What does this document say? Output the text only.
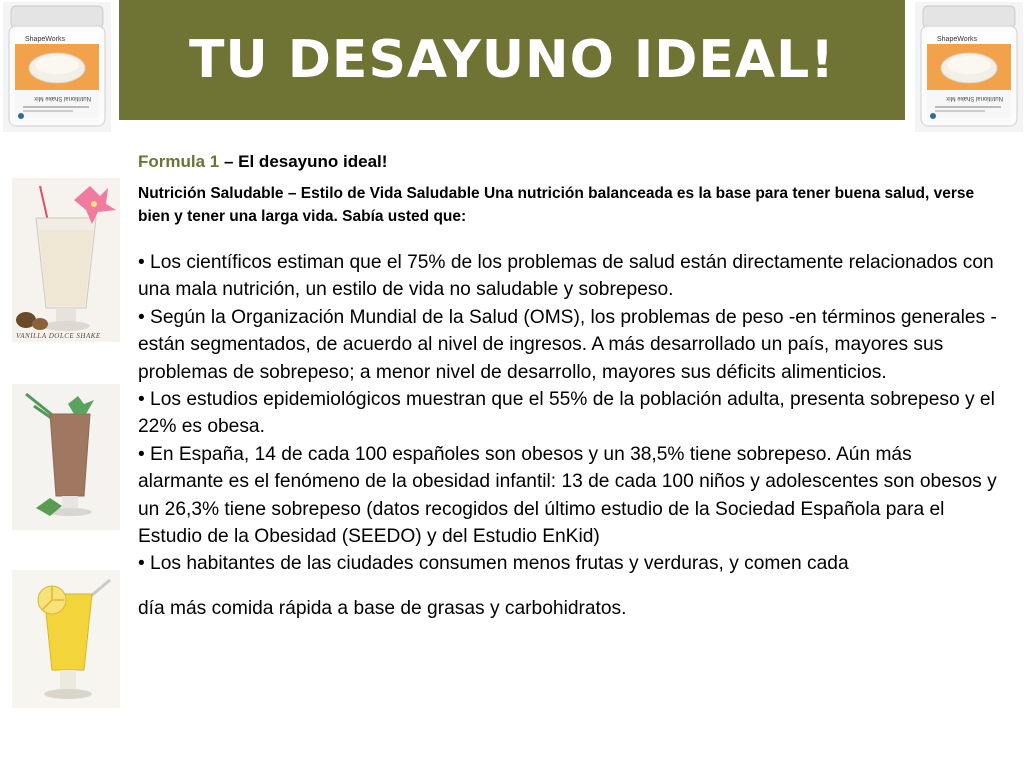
ShapeWorks
Nutritional Shake Mix
ShapeWorks
Nutritional Shake Mix
TU DESAYUNO IDEAL!
VANILLA DOLCE SHAKE

Formula 1 – El desayuno ideal!

Nutrición Saludable – Estilo de Vida Saludable Una nutrición balanceada es la base para tener buena salud, verse bien y tener una larga vida. Sabía usted que:

• Los científicos estiman que el 75% de los problemas de salud están directamente relacionados con una mala nutrición, un estilo de vida no saludable y sobrepeso.

• Según la Organización Mundial de la Salud (OMS), los problemas de peso -en términos generales -están segmentados, de acuerdo al nivel de ingresos. A más desarrollado un país, mayores sus problemas de sobrepeso; a menor nivel de desarrollo, mayores sus déficits alimenticios.

• Los estudios epidemiológicos muestran que el 55% de la población adulta, presenta sobrepeso y el 22% es obesa.

• En España, 14 de cada 100 españoles son obesos y un 38,5% tiene sobrepeso. Aún más alarmante es el fenómeno de la obesidad infantil: 13 de cada 100 niños y adolescentes son obesos y un 26,3% tiene sobrepeso (datos recogidos del último estudio de la Sociedad Española para el Estudio de la Obesidad (SEEDO) y del Estudio EnKid)

• Los habitantes de las ciudades consumen menos frutas y verduras, y comen cada

día más comida rápida a base de grasas y carbohidratos.
